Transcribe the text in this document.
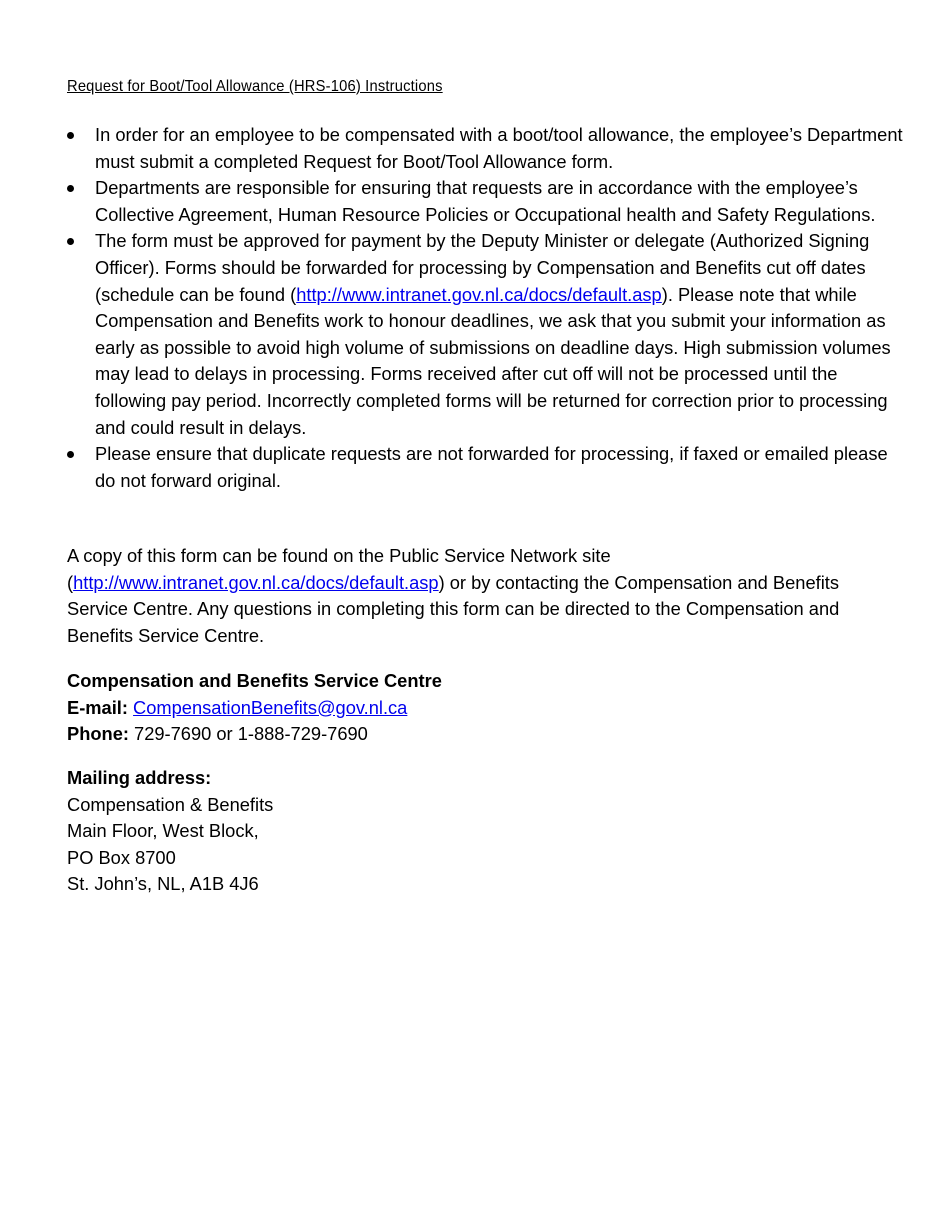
Request for Boot/Tool Allowance (HRS-106) Instructions
In order for an employee to be compensated with a boot/tool allowance, the employee’s Department must submit a completed Request for Boot/Tool Allowance form.
Departments are responsible for ensuring that requests are in accordance with the employee’s Collective Agreement, Human Resource Policies or Occupational health and Safety Regulations.
The form must be approved for payment by the Deputy Minister or delegate (Authorized Signing Officer). Forms should be forwarded for processing by Compensation and Benefits cut off dates (schedule can be found (http://www.intranet.gov.nl.ca/docs/default.asp). Please note that while Compensation and Benefits work to honour deadlines, we ask that you submit your information as early as possible to avoid high volume of submissions on deadline days. High submission volumes may lead to delays in processing. Forms received after cut off will not be processed until the following pay period. Incorrectly completed forms will be returned for correction prior to processing and could result in delays.
Please ensure that duplicate requests are not forwarded for processing, if faxed or emailed please do not forward original.

A copy of this form can be found on the Public Service Network site (http://www.intranet.gov.nl.ca/docs/default.asp) or by contacting the Compensation and Benefits Service Centre. Any questions in completing this form can be directed to the Compensation and Benefits Service Centre.

Compensation and Benefits Service Centre
E-mail: CompensationBenefits@gov.nl.ca
Phone: 729-7690 or 1-888-729-7690
Mailing address:
Compensation & Benefits
Main Floor, West Block,
PO Box 8700
St. John’s, NL, A1B 4J6
